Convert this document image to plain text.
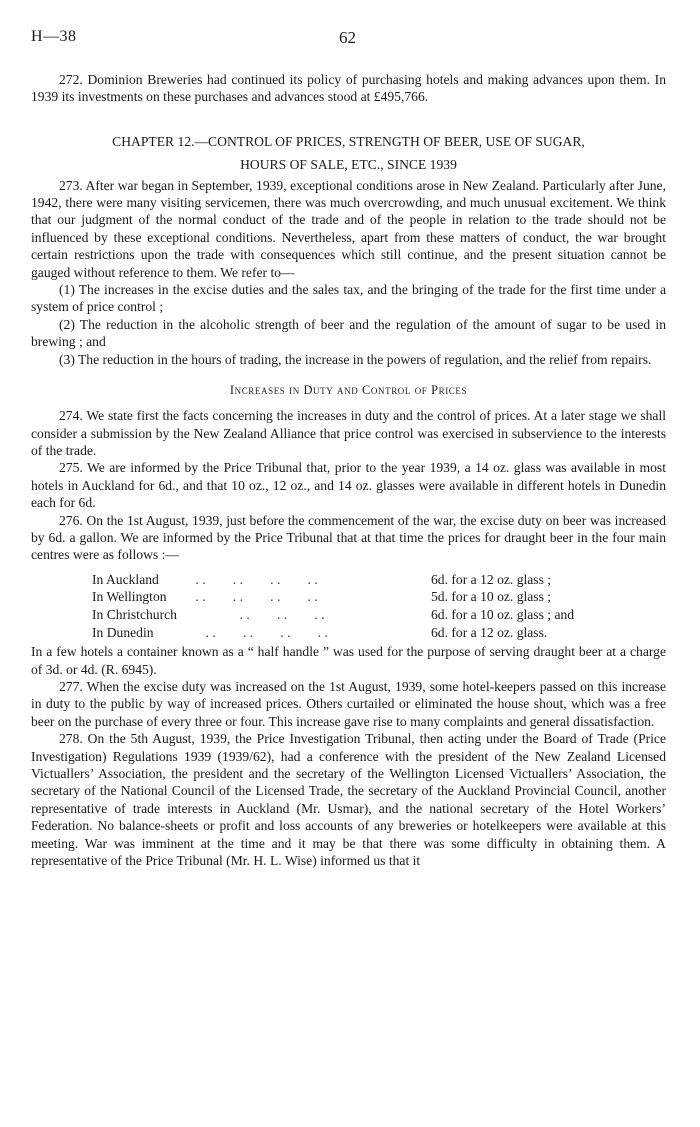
H—38	62

272. Dominion Breweries had continued its policy of purchasing hotels and making advances upon them. In 1939 its investments on these purchases and advances stood at £495,766.

CHAPTER 12.—CONTROL OF PRICES, STRENGTH OF BEER, USE OF SUGAR,

HOURS OF SALE, ETC., SINCE 1939

273. After war began in September, 1939, exceptional conditions arose in New Zealand. Particularly after June, 1942, there were many visiting servicemen, there was much overcrowding, and much unusual excitement. We think that our judgment of the normal conduct of the trade and of the people in relation to the trade should not be influenced by these exceptional conditions. Nevertheless, apart from these matters of conduct, the war brought certain restrictions upon the trade with consequences which still continue, and the present situation cannot be gauged without reference to them. We refer to—

(1) The increases in the excise duties and the sales tax, and the bringing of the trade for the first time under a system of price control ;

(2) The reduction in the alcoholic strength of beer and the regulation of the amount of sugar to be used in brewing ; and

(3) The reduction in the hours of trading, the increase in the powers of regulation, and the relief from repairs.

Increases in Duty and Control of Prices

274. We state first the facts concerning the increases in duty and the control of prices. At a later stage we shall consider a submission by the New Zealand Alliance that price control was exercised in subservience to the interests of the trade.

275. We are informed by the Price Tribunal that, prior to the year 1939, a 14 oz. glass was available in most hotels in Auckland for 6d., and that 10 oz., 12 oz., and 14 oz. glasses were available in different hotels in Dunedin each for 6d.

276. On the 1st August, 1939, just before the commencement of the war, the excise duty on beer was increased by 6d. a gallon. We are informed by the Price Tribunal that at that time the prices for draught beer in the four main centres were as follows :—

In Auckland	. .        . .        . .        . .	6d. for a 12 oz. glass ;
In Wellington	. .        . .        . .        . .	5d. for a 10 oz. glass ;
In Christchurch	. .        . .        . .	6d. for a 10 oz. glass ; and
In Dunedin	. .        . .        . .        . .	6d. for a 12 oz. glass.

In a few hotels a container known as a “ half handle ” was used for the purpose of serving draught beer at a charge of 3d. or 4d. (R. 6945).

277. When the excise duty was increased on the 1st August, 1939, some hotel-keepers passed on this increase in duty to the public by way of increased prices. Others curtailed or eliminated the house shout, which was a free beer on the purchase of every three or four. This increase gave rise to many complaints and general dissatisfaction.

278. On the 5th August, 1939, the Price Investigation Tribunal, then acting under the Board of Trade (Price Investigation) Regulations 1939 (1939/62), had a conference with the president of the New Zealand Licensed Victuallers’ Association, the president and the secretary of the Wellington Licensed Victuallers’ Association, the secretary of the National Council of the Licensed Trade, the secretary of the Auckland Provincial Council, another representative of trade interests in Auckland (Mr. Usmar), and the national secretary of the Hotel Workers’ Federation. No balance-sheets or profit and loss accounts of any breweries or hotelkeepers were available at this meeting. War was imminent at the time and it may be that there was some difficulty in obtaining them. A representative of the Price Tribunal (Mr. H. L. Wise) informed us that it
